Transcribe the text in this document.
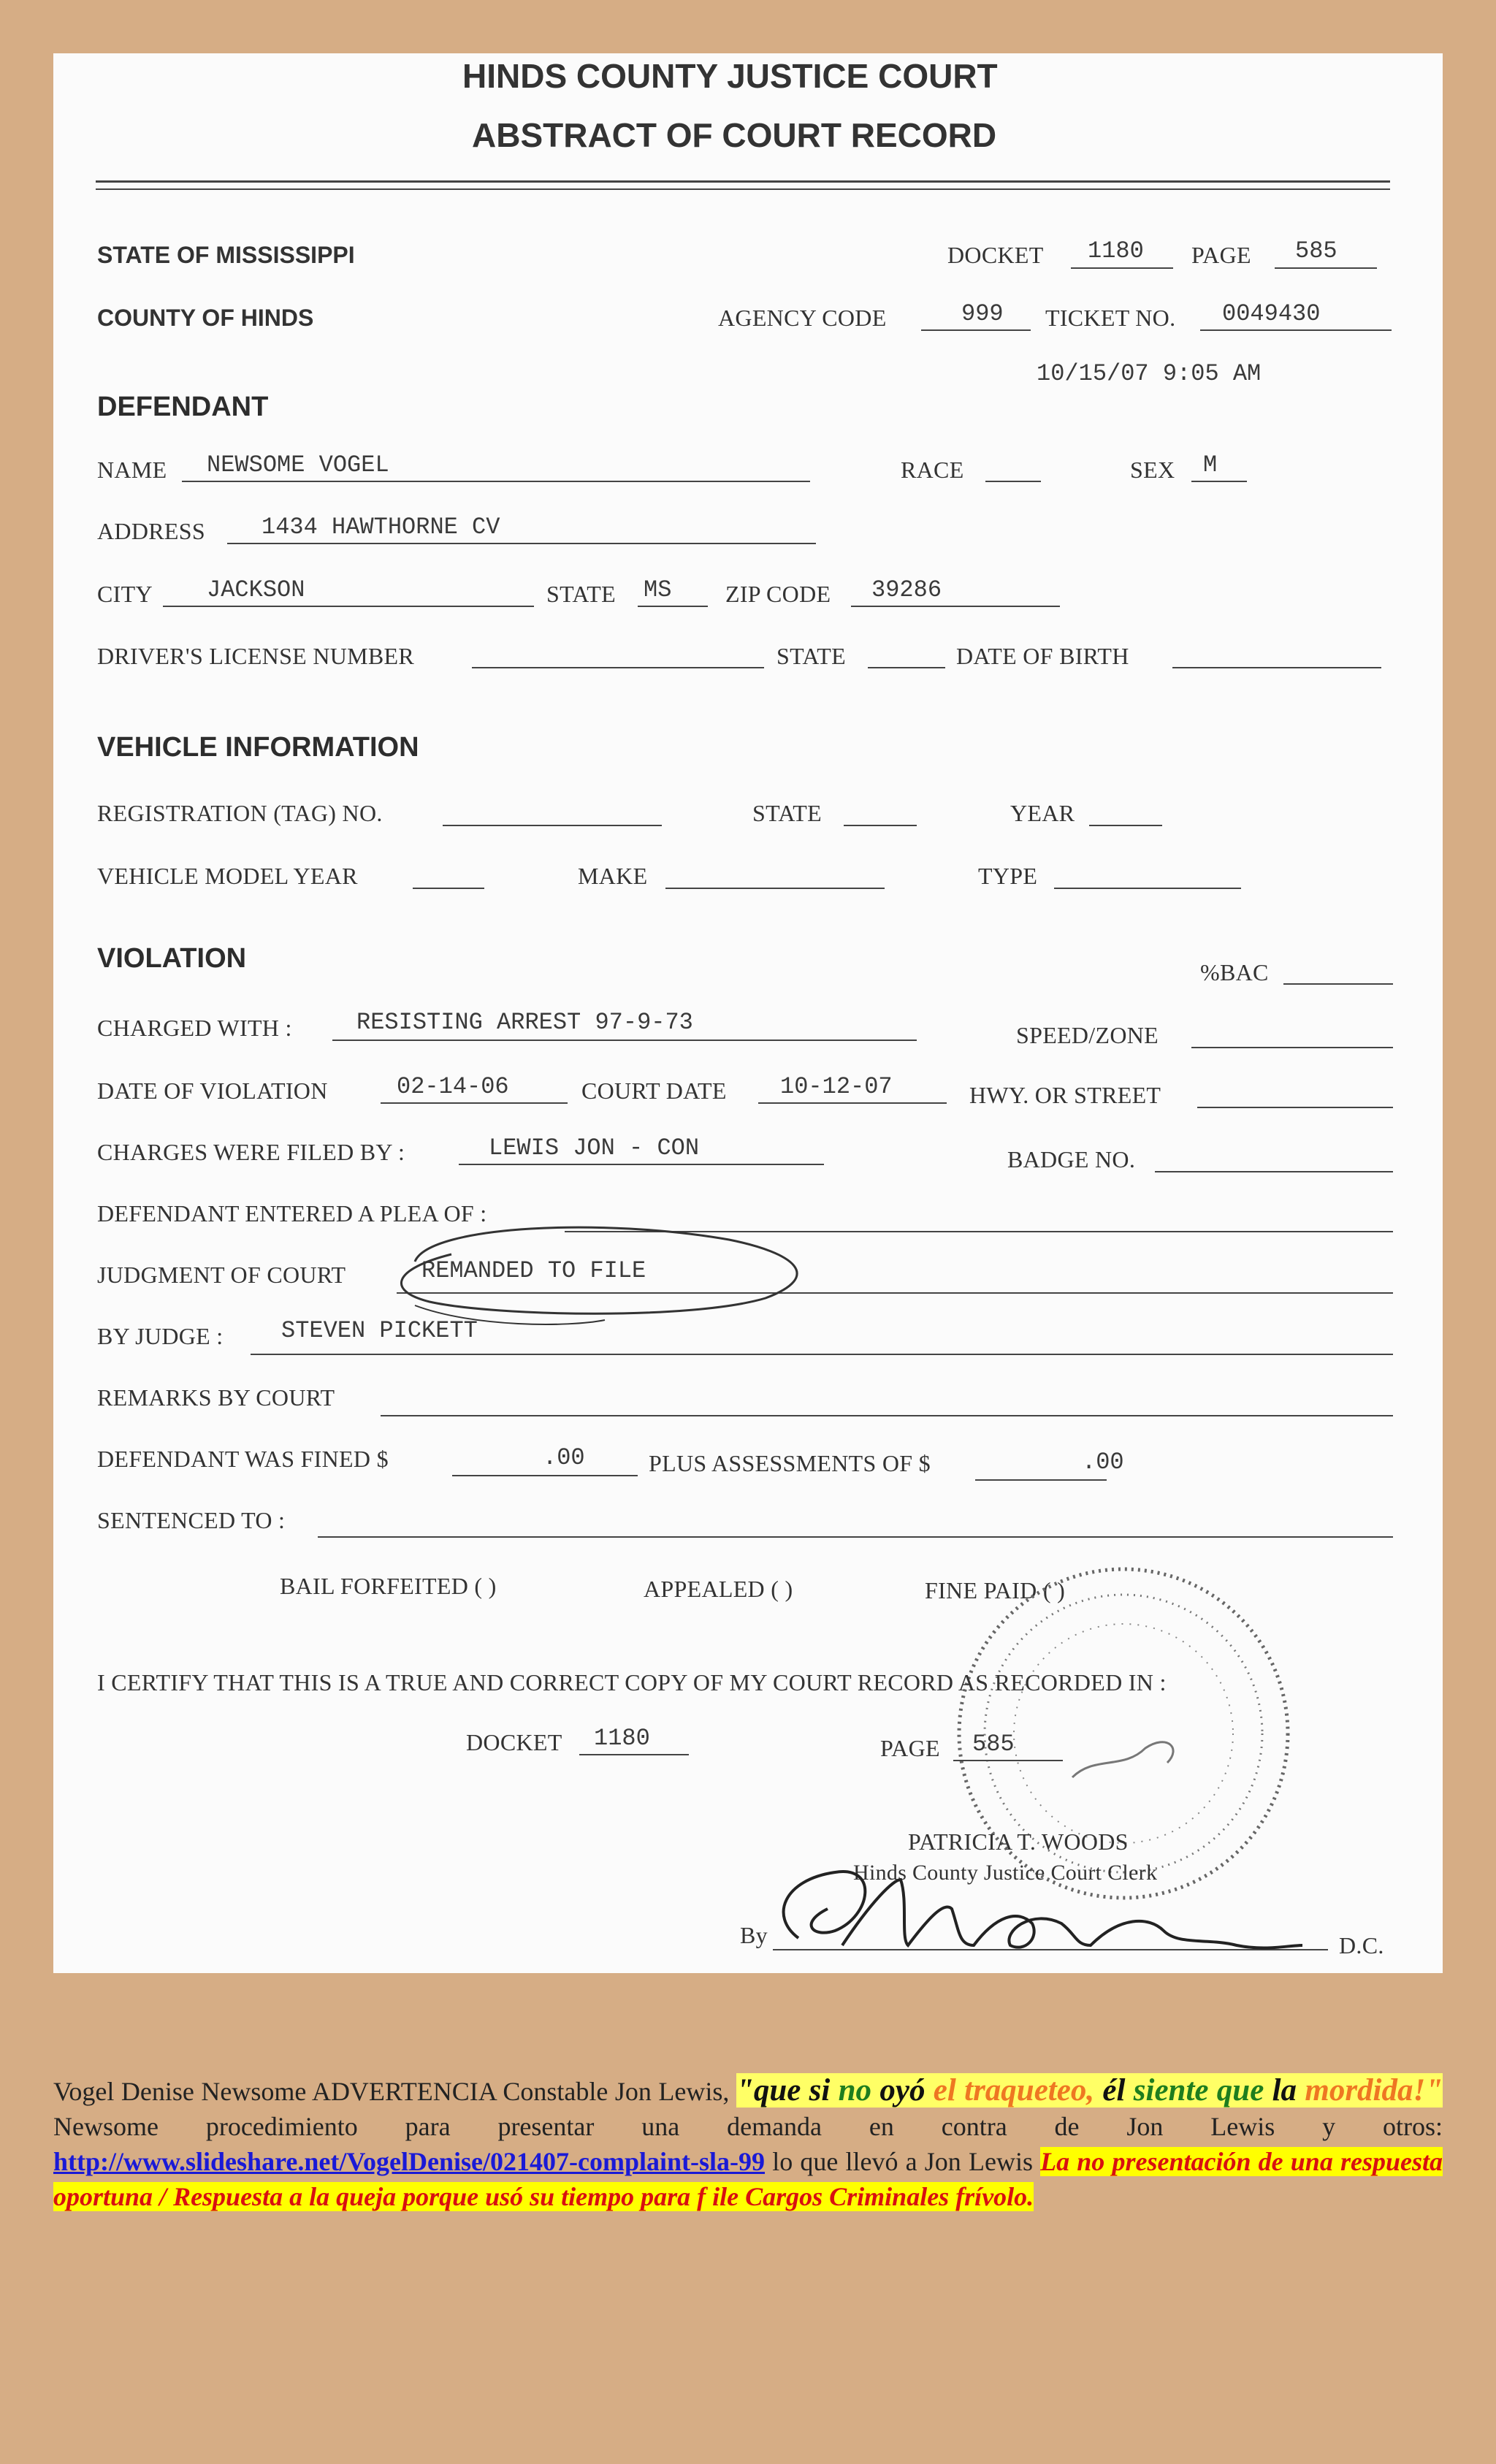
HINDS COUNTY JUSTICE COURT
ABSTRACT OF COURT RECORD
STATE OF MISSISSIPPI
COUNTY OF HINDS
DOCKET 1180 PAGE 585
AGENCY CODE	999 TICKET NO. 0049430
10/15/07 9:05 AM
DEFENDANT
NAME NEWSOME VOGEL	RACE	SEX M
ADDRESS 1434 HAWTHORNE CV
CITY JACKSON	STATE MS ZIP CODE 39286
DRIVER'S LICENSE NUMBER	STATE	DATE OF BIRTH
VEHICLE INFORMATION
REGISTRATION (TAG) NO.	STATE	YEAR
VEHICLE MODEL YEAR	MAKE	TYPE
VIOLATION	%BAC
CHARGED WITH :	RESISTING ARREST 97-9-73	SPEED/ZONE
DATE OF VIOLATION	02-14-06	COURT DATE 10-12-07	HWY. OR STREET
CHARGES WERE FILED BY :	LEWIS JON - CON	BADGE NO.
DEFENDANT ENTERED A PLEA OF :
JUDGMENT OF COURT	REMANDED TO FILE
BY JUDGE : STEVEN PICKETT
REMARKS BY COURT
DEFENDANT WAS FINED $	.00	PLUS ASSESSMENTS OF $	.00
SENTENCED TO :
BAIL FORFEITED ( )	APPEALED ( )	FINE PAID ( )
I CERTIFY THAT THIS IS A TRUE AND CORRECT COPY OF MY COURT RECORD AS RECORDED IN :
DOCKET 1180	PAGE 585
PATRICIA T. WOODS
Hinds County Justice Court Clerk
By	D.C.
Vogel Denise Newsome ADVERTENCIA Constable Jon Lewis, "que si no oyó el traqueteo, él siente que la mordida!" Newsome procedimiento para presentar una demanda en contra de Jon Lewis y otros: http://www.slideshare.net/VogelDenise/021407-complaint-sla-99 lo que llevó a Jon Lewis La no presentación de una respuesta oportuna / Respuesta a la queja porque usó su tiempo para f ile Cargos Criminales frívolo.
